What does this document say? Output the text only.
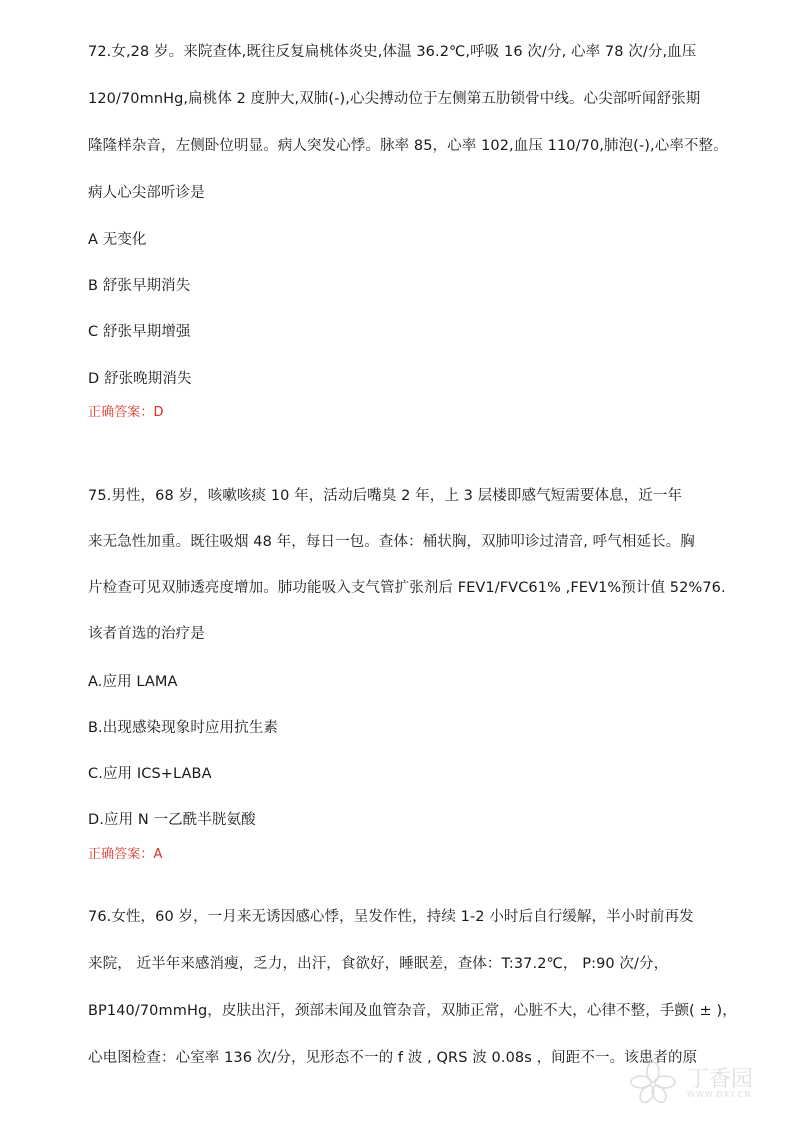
72.女,28 岁。来院查体,既往反复扁桃体炎史,体温 36.2℃,呼吸 16 次/分, 心率 78 次/分,血压
120/70mnHg,扁桃体 2 度肿大,双肺(-),心尖搏动位于左侧第五肋锁骨中线。心尖部听闻舒张期
隆隆样杂音，左侧卧位明显。病人突发心悸。脉率 85，心率 102,血压 110/70,肺泡(-),心率不整。
病人心尖部听诊是
A 无变化
B 舒张早期消失
C 舒张早期增强
D 舒张晚期消失
正确答案：D
75.男性，68 岁，咳嗽咳痰 10 年，活动后嘴臭 2 年，上 3 层楼即感气短需要体息，近一年
来无急性加重。既往吸烟 48 年，每日一包。查体：桶状胸，双肺叩诊过清音, 呼气相延长。胸
片检查可见双肺透亮度增加。肺功能吸入支气管扩张剂后 FEV1/FVC61% ,FEV1%预计值 52%76.
该者首选的治疗是
A.应用 LAMA
B.出现感染现象时应用抗生素
C.应用 ICS+LABA
D.应用 N 一乙酰半胱氨酸
正确答案：A
76.女性，60 岁，一月来无诱因感心悸，呈发作性，持续 1-2 小时后自行缓解，半小时前再发
来院， 近半年来感消瘦，乏力，出汗，食欲好，睡眠差，查体：T:37.2℃， P:90 次/分，
BP140/70mmHg，皮肤出汗，颈部未闻及血管杂音，双肺正常，心脏不大，心律不整，手颤( ± )，
心电图检查：心室率 136 次/分，见形态不一的 f 波 , QRS 波 0.08s ，间距不一。该患者的原
丁香园
WWW.DXY.CN
